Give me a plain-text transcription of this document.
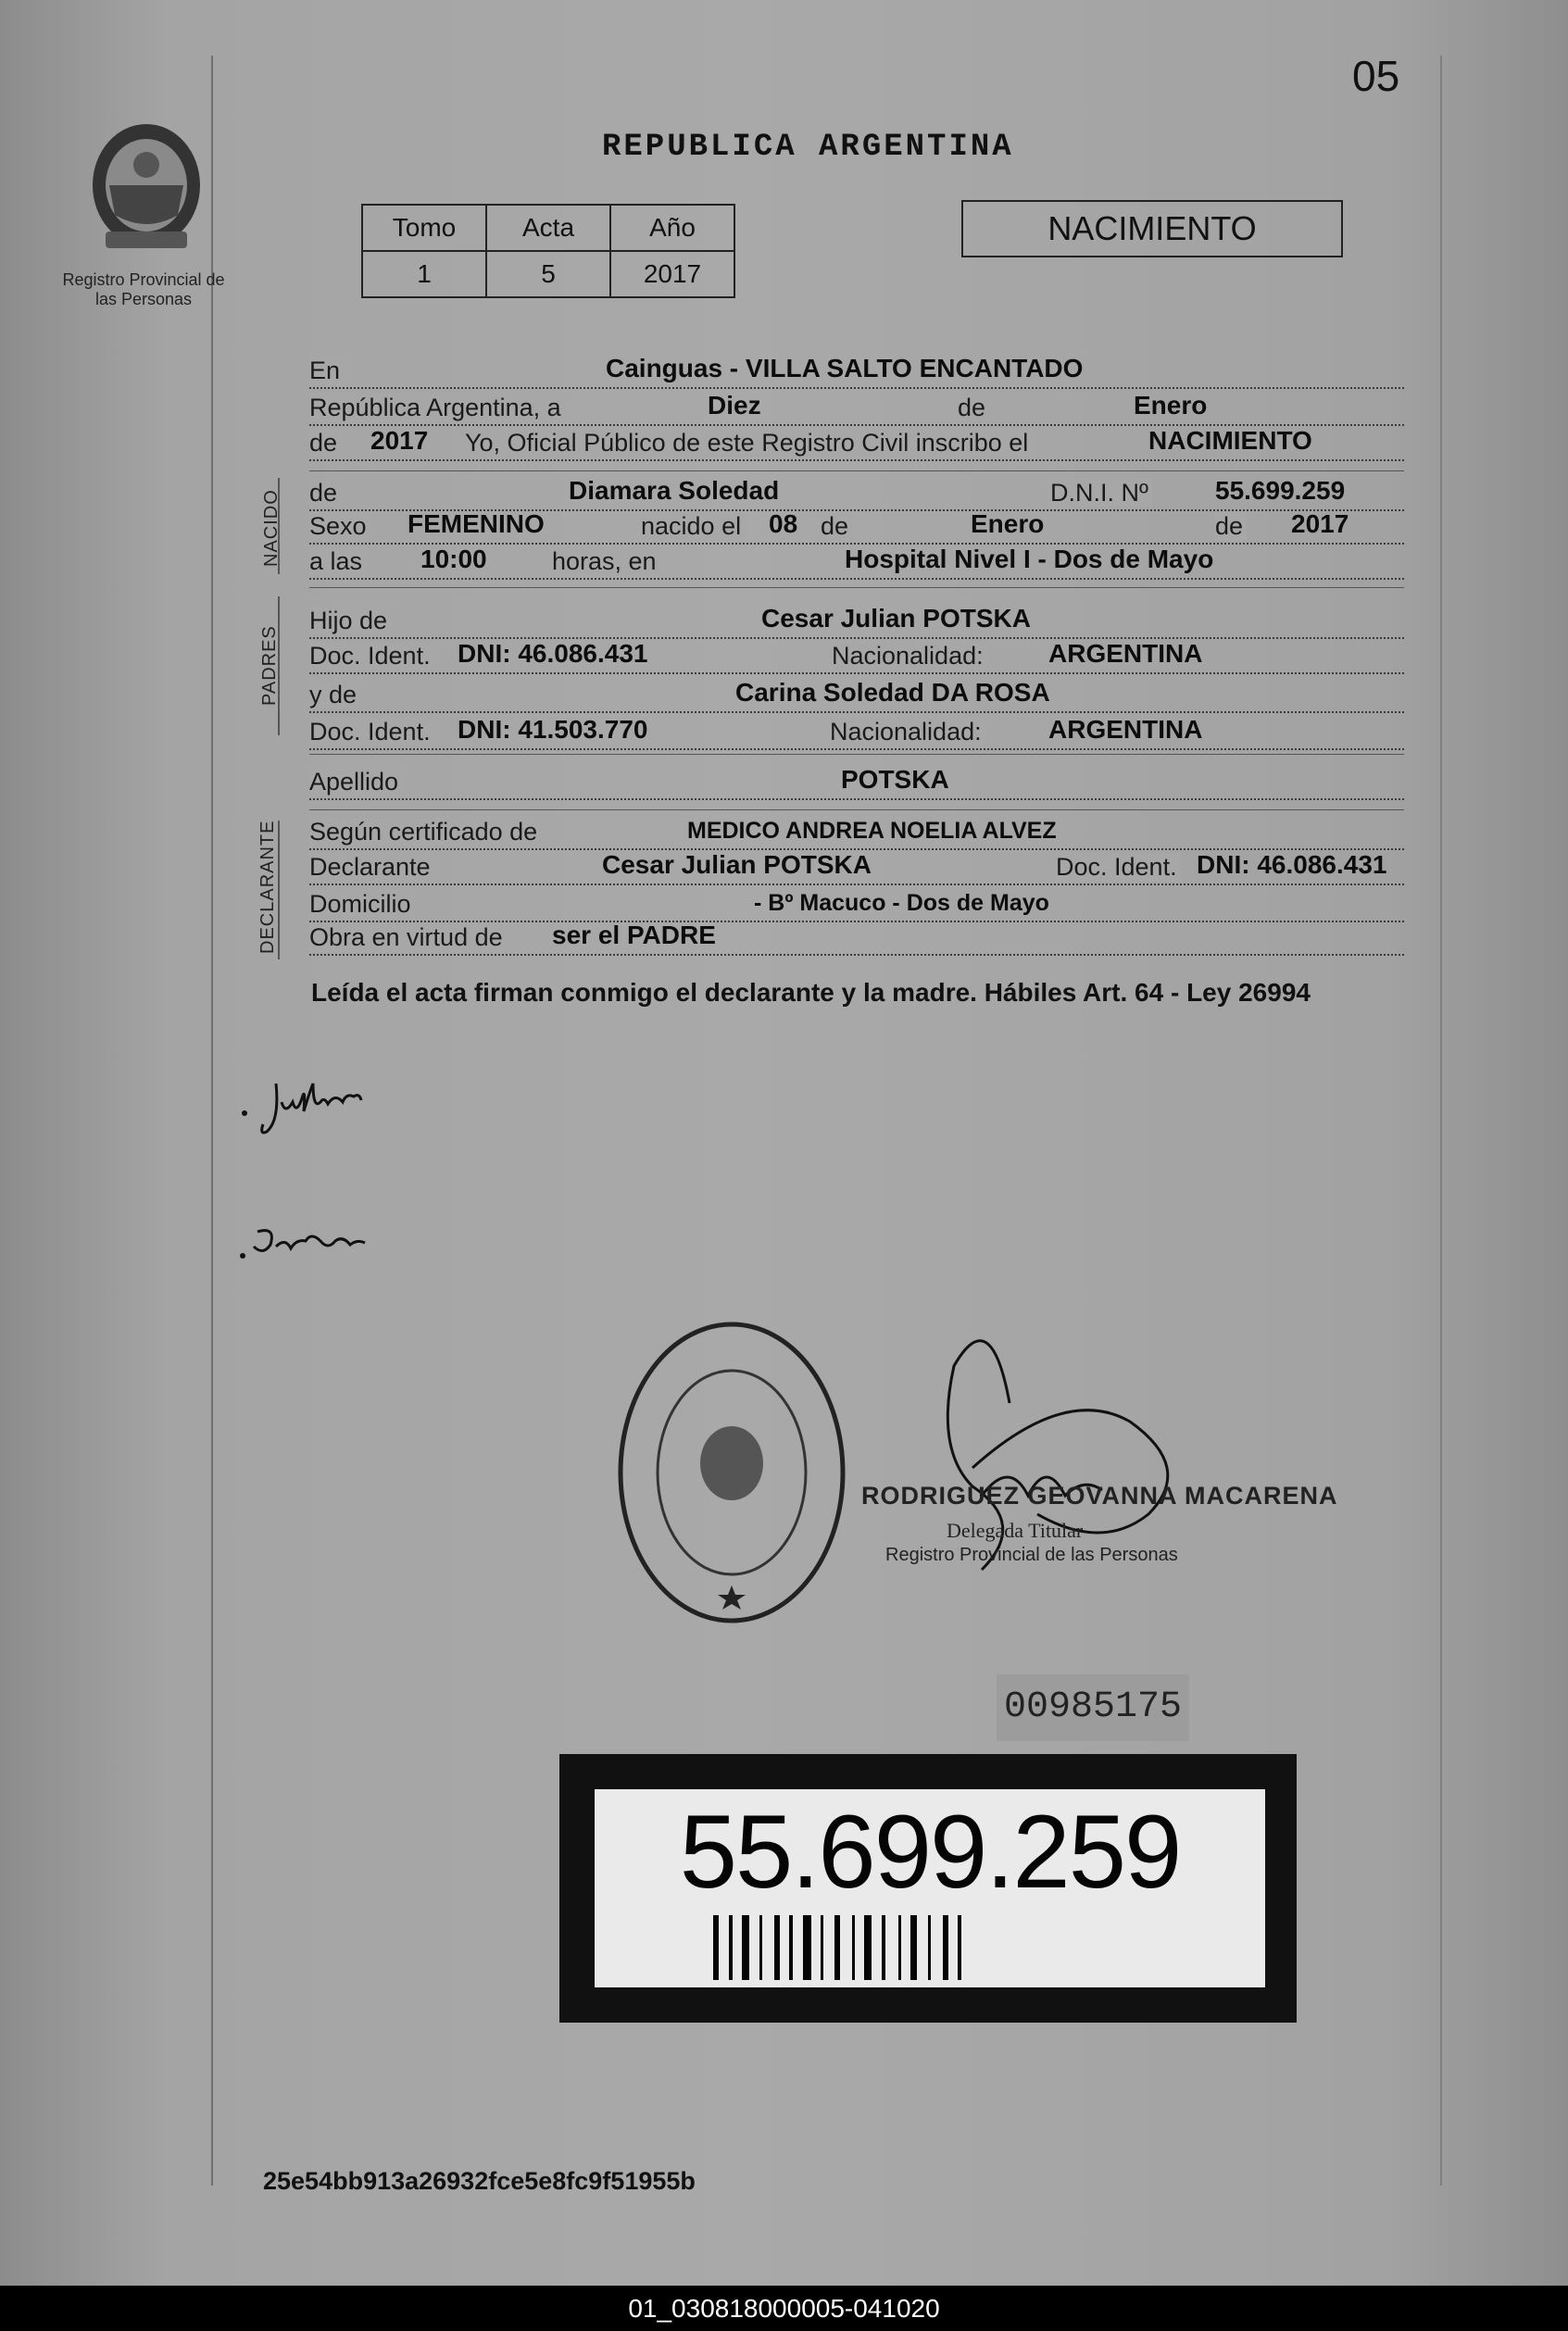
05
Registro Provincial de las Personas
REPUBLICA ARGENTINA
Tomo	Acta	Año
1	5	2017
NACIMIENTO
En	Cainguas - VILLA SALTO ENCANTADO
República Argentina, a	Diez	de	Enero
de 2017 Yo, Oficial Público de este Registro Civil inscribo el	NACIMIENTO
NACIDO de	Diamara Soledad	D.N.I. Nº	55.699.259
Sexo FEMENINO	nacido el 08 de	Enero	de 2017
a las 10:00	horas, en	Hospital Nivel I - Dos de Mayo
PADRES
Hijo de	Cesar Julian POTSKA
Doc. Ident. DNI: 46.086.431	Nacionalidad:	ARGENTINA
y de	Carina Soledad DA ROSA
Doc. Ident. DNI: 41.503.770	Nacionalidad:	ARGENTINA
Apellido	POTSKA
DECLARANTE Según certificado de	MEDICO ANDREA NOELIA ALVEZ
Declarante	Cesar Julian POTSKA	Doc. Ident. DNI: 46.086.431
Domicilio	- Bº Macuco - Dos de Mayo
Obra en virtud de ser el PADRE
Leída el acta firman conmigo el declarante y la madre. Hábiles Art. 64 - Ley 26994
RODRIGUEZ GEOVANNA MACARENA
Delegada Titular
Registro Provincial de las Personas
00985175
55.699.259
25e54bb913a26932fce5e8fc9f51955b
01_030818000005-041020
